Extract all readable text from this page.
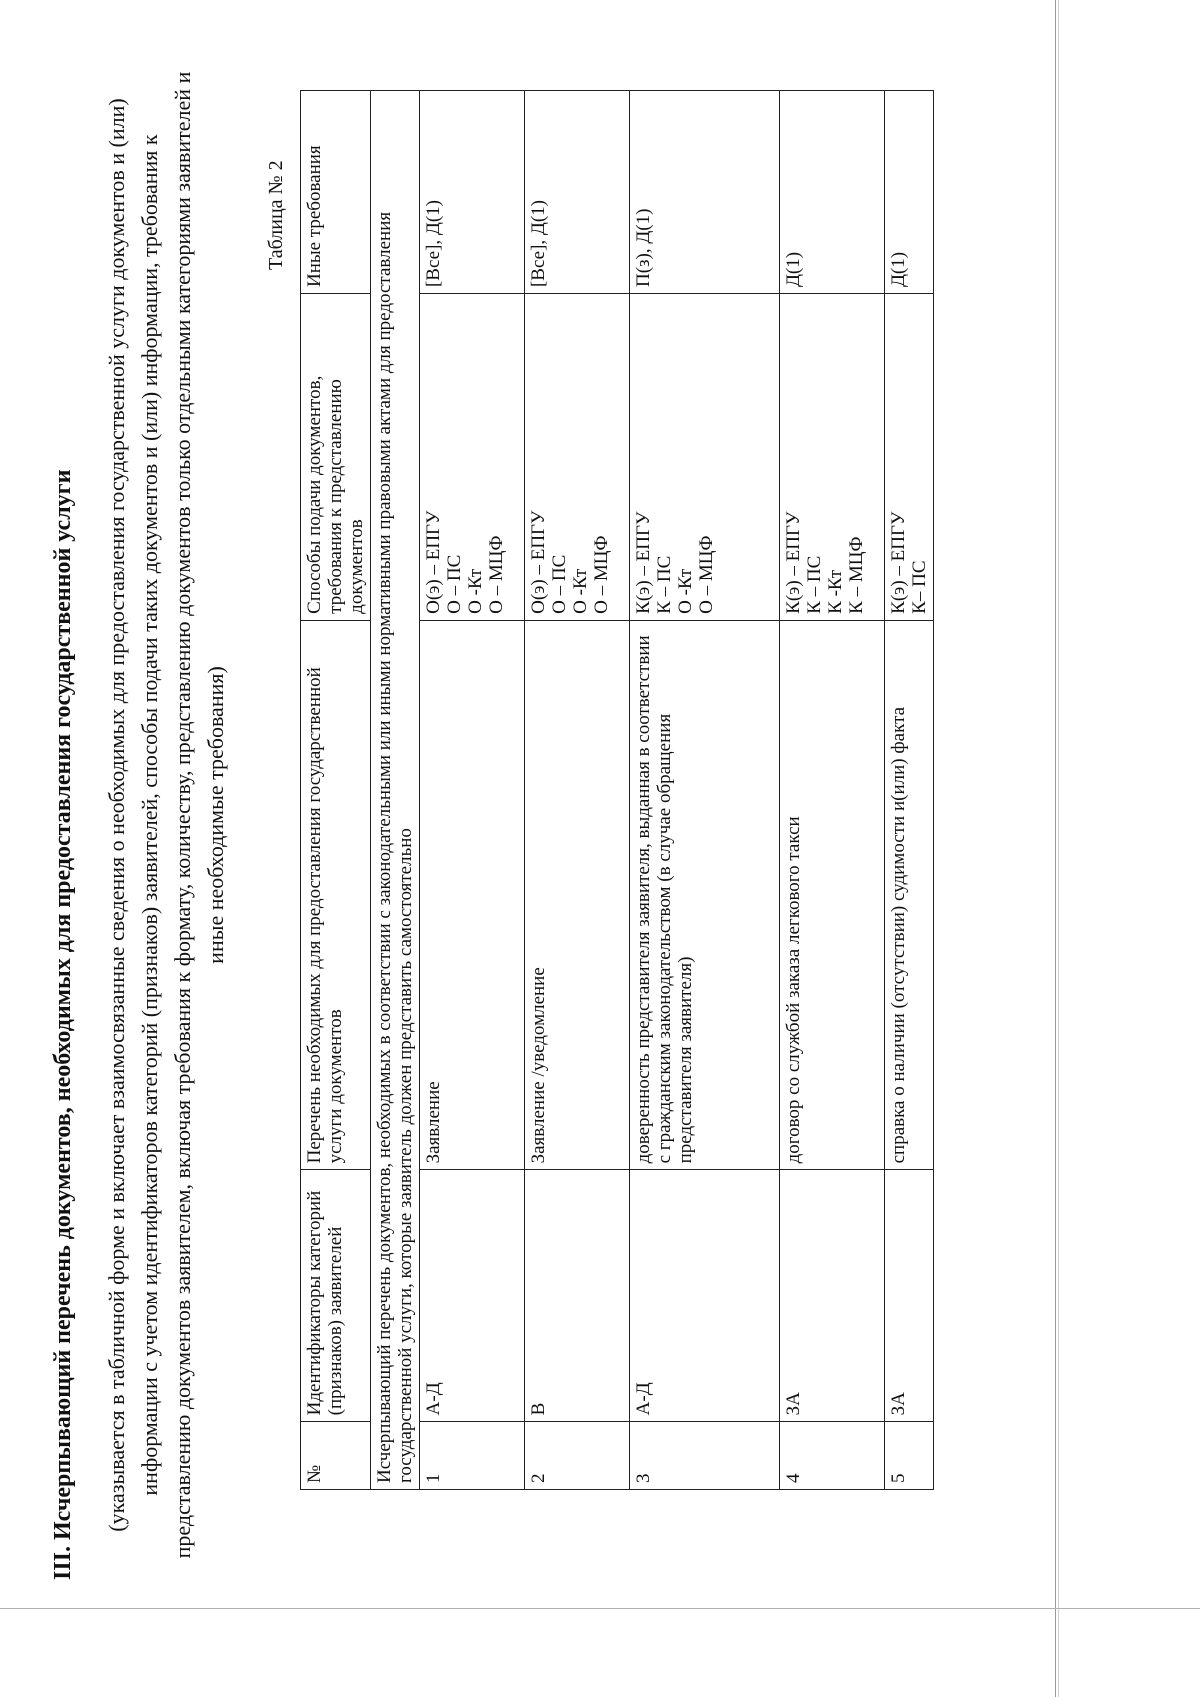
III. Исчерпывающий перечень документов, необходимых для предоставления государственной услуги (указывается в табличной форме и включает взаимосвязанные сведения о необходимых для предоставления государственной услуги документов и (или) информации с учетом идентификаторов категорий (признаков) заявителей, способы подачи таких документов и (или) информации, требования к представлению документов заявителем, включая требования к формату, количеству, представлению документов только отдельными категориями заявителей и иные необходимые требования)
Таблица № 2
№	Идентификаторы категорий (признаков) заявителей	Перечень необходимых для предоставления государственной услуги документов	Способы подачи документов, требования к представлению документов	Иные требования
Исчерпывающий перечень документов, необходимых в соответствии с законодательными или иными нормативными правовыми актами для предоставления государственной услуги, которые заявитель должен представить самостоятельно				
1	А-Д	Заявление	О(э) – ЕПГУ О – ПС О -Кт О – МЦФ	[Все], Д(1)
2	В	Заявление /уведомление	О(э) – ЕПГУ О – ПС О -Кт О – МЦФ	[Все], Д(1)
3	А-Д	доверенность представителя заявителя, выданная в соответствии с гражданским законодательством (в случае обращения представителя заявителя)	К(э) – ЕПГУ К – ПС О -Кт О – МЦФ	П(з), Д(1)
4	ЗА	договор со службой заказа легкового такси	К(э) – ЕПГУ К – ПС К -Кт К – МЦФ	Д(1)
5	ЗА	справка о наличии (отсутствии) судимости и(или) факта	К(э) – ЕПГУ К– ПС	Д(1)
